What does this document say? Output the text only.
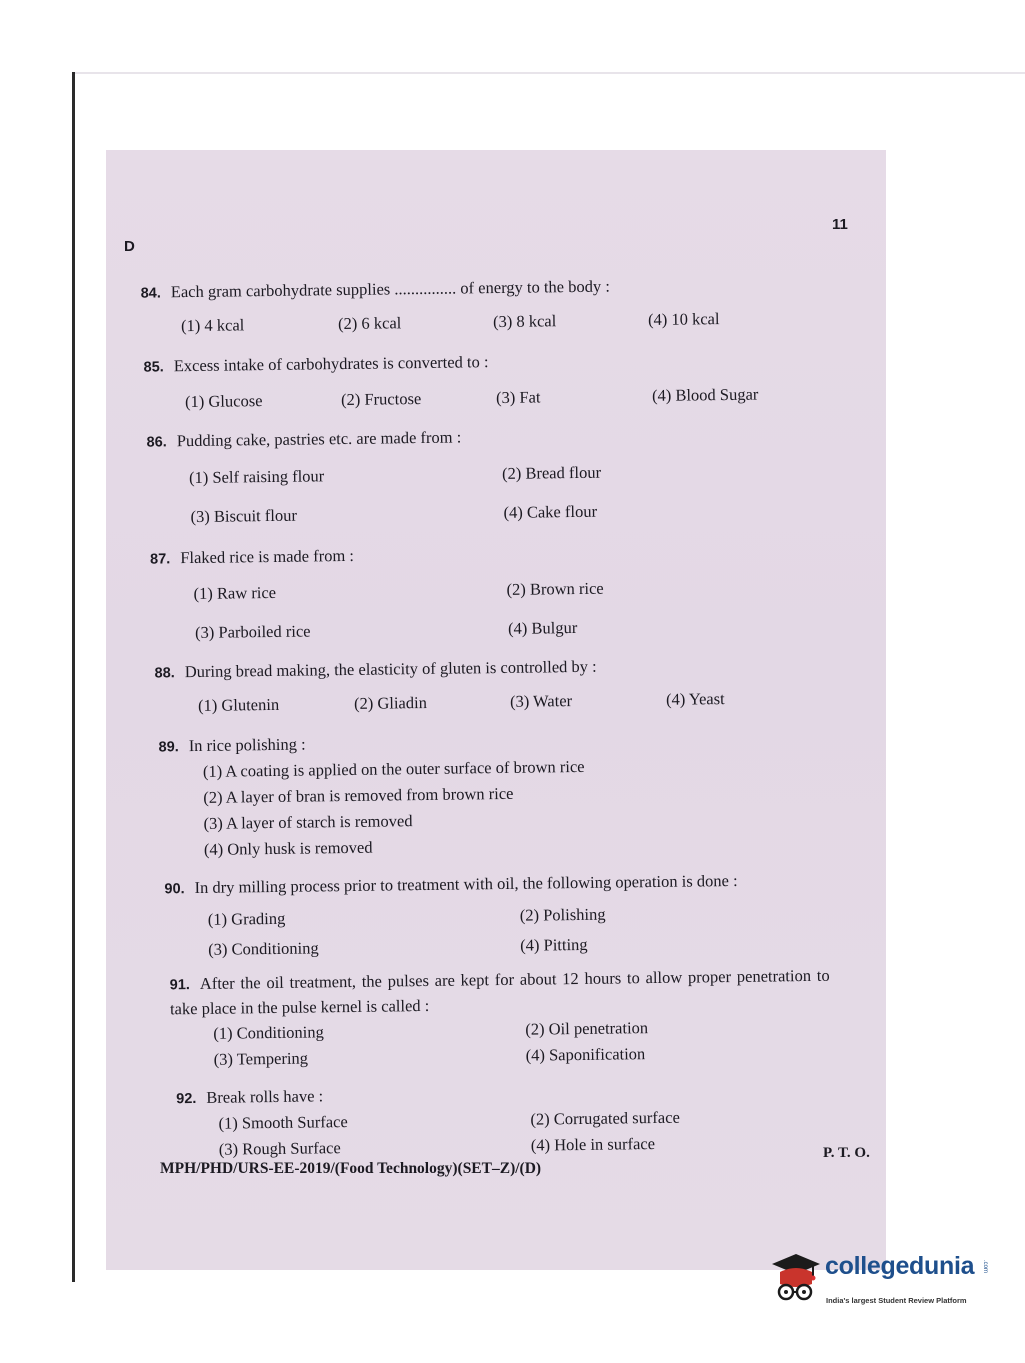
11
D
84. Each gram carbohydrate supplies ............... of energy to the body :
(1) 4 kcal	(2) 6 kcal	(3) 8 kcal	(4) 10 kcal
85. Excess intake of carbohydrates is converted to :
(1) Glucose	(2) Fructose	(3) Fat	(4) Blood Sugar
86. Pudding cake, pastries etc. are made from :
(1) Self raising flour	(2) Bread flour
(3) Biscuit flour	(4) Cake flour
87. Flaked rice is made from :
(1) Raw rice	(2) Brown rice
(3) Parboiled rice	(4) Bulgur
88. During bread making, the elasticity of gluten is controlled by :
(1) Glutenin	(2) Gliadin	(3) Water	(4) Yeast
89. In rice polishing :
(1) A coating is applied on the outer surface of brown rice
(2) A layer of bran is removed from brown rice
(3) A layer of starch is removed
(4) Only husk is removed
90. In dry milling process prior to treatment with oil, the following operation is done :
(1) Grading	(2) Polishing
(3) Conditioning	(4) Pitting
91. After the oil treatment, the pulses are kept for about 12 hours to allow proper penetration to take place in the pulse kernel is called :
(1) Conditioning	(2) Oil penetration
(3) Tempering	(4) Saponification
92. Break rolls have :
(1) Smooth Surface	(2) Corrugated surface
(3) Rough Surface	(4) Hole in surface
MPH/PHD/URS-EE-2019/(Food Technology)(SET–Z)/(D)
P. T. O.
collegedunia .com
India's largest Student Review Platform
